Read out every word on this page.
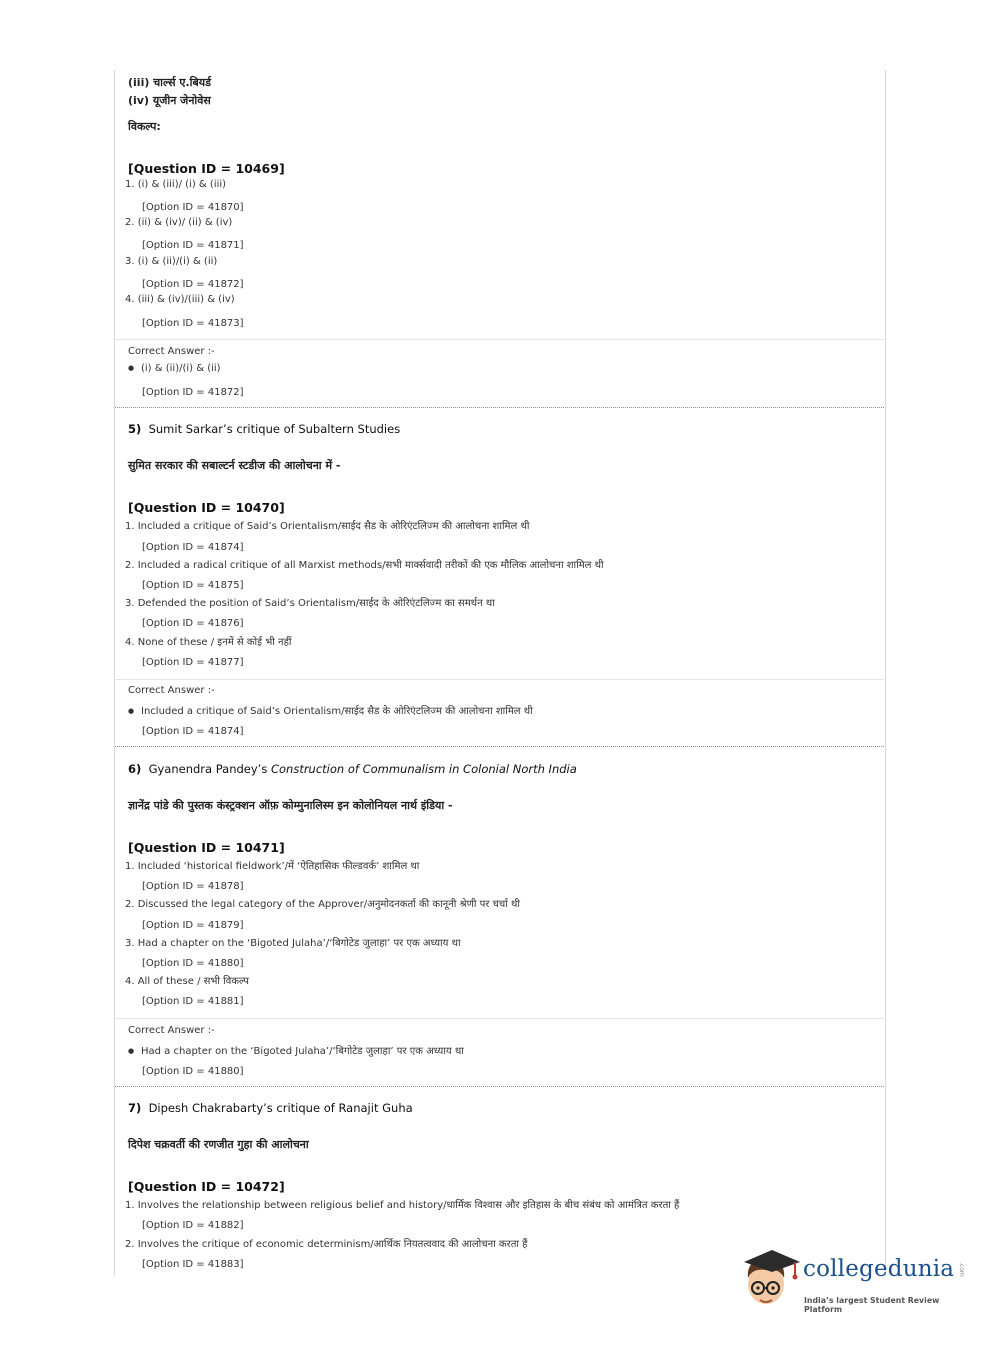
(iii) चार्ल्स ए.बियर्ड
(iv) यूजीन जेनोवेस
विकल्प:
[Question ID = 10469]
1. (i) & (iii)/ (i) & (iii)
[Option ID = 41870]
2. (ii) & (iv)/ (ii) & (iv)
[Option ID = 41871]
3. (i) & (ii)/(i) & (ii)
[Option ID = 41872]
4. (iii) & (iv)/(iii) & (iv)
[Option ID = 41873]
Correct Answer :-
● (i) & (ii)/(i) & (ii)
[Option ID = 41872]
5) Sumit Sarkar’s critique of Subaltern Studies
सुमित सरकार की सबाल्टर्न स्टडीज की आलोचना में -
[Question ID = 10470]
1. Included a critique of Said’s Orientalism/साईद सैड के ओरिएंटलिज्म की आलोचना शामिल थी
[Option ID = 41874]
2. Included a radical critique of all Marxist methods/सभी मार्क्सवादी तरीकों की एक मौलिक आलोचना शामिल थी
[Option ID = 41875]
3. Defended the position of Said’s Orientalism/साईद के ओरिएंटलिज्म का समर्थन था
[Option ID = 41876]
4. None of these / इनमें से कोई भी नहीं
[Option ID = 41877]
Correct Answer :-
● Included a critique of Said’s Orientalism/साईद सैड के ओरिएंटलिज्म की आलोचना शामिल थी
[Option ID = 41874]
6) Gyanendra Pandey’s Construction of Communalism in Colonial North India
ज्ञानेंद्र पांडे की पुस्तक कंस्ट्रक्शन ऑफ़ कोम्मुनालिस्म इन कोलोनियल नार्थ इंडिया -
[Question ID = 10471]
1. Included ‘historical fieldwork’/में ‘ऐतिहासिक फील्डवर्क’ शामिल था
[Option ID = 41878]
2. Discussed the legal category of the Approver/अनुमोदनकर्ता की कानूनी श्रेणी पर चर्चा थी
[Option ID = 41879]
3. Had a chapter on the ‘Bigoted Julaha’/‘बिगोटेड जुलाहा’ पर एक अध्याय था
[Option ID = 41880]
4. All of these / सभी विकल्प
[Option ID = 41881]
Correct Answer :-
● Had a chapter on the ‘Bigoted Julaha’/‘बिगोटेड जुलाहा’ पर एक अध्याय था
[Option ID = 41880]
7) Dipesh Chakrabarty’s critique of Ranajit Guha
दिपेश चक्रवर्ती की रणजीत गुहा की आलोचना
[Question ID = 10472]
1. Involves the relationship between religious belief and history/धार्मिक विश्वास और इतिहास के बीच संबंध को आमंत्रित करता हैं
[Option ID = 41882]
2. Involves the critique of economic determinism/आर्थिक नियतत्ववाद की आलोचना करता हैं
[Option ID = 41883]	collegedunia .com
India’s largest Student Review Platform
